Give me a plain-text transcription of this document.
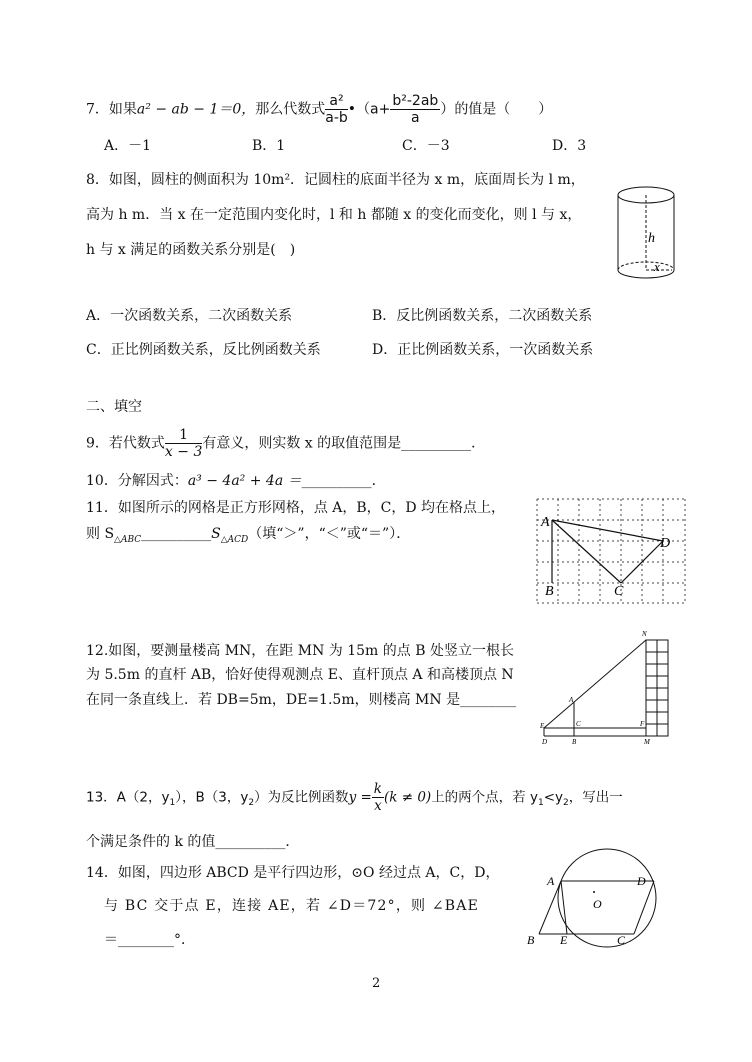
7．如果a² − ab − 1＝0，那么代数式 $\frac{\text{a²}}{a-b}$ •（a+ $\frac{\text{b²-2ab}}{a}$ ）的值是（　　）
A．－1	B．1	C．－3	D．3
8．如图，圆柱的侧面积为 10m²．记圆柱的底面半径为 x m，底面周长为 l m，
高为 h m．当 x 在一定范围内变化时，l 和 h 都随 x 的变化而变化，则 l 与 x，
h 与 x 满足的函数关系分别是(　)
h
x
A．一次函数关系，二次函数关系	B．反比例函数关系，二次函数关系
C．正比例函数关系，反比例函数关系	D．正比例函数关系，一次函数关系
二、填空
9．若代数式 $\frac{1}{x - 3}$ 有意义，则实数 x 的取值范围是__________．
10．分解因式：a³ − 4a² + 4a ＝__________．
11．如图所示的网格是正方形网格，点 A，B，C，D 均在格点上，
则 $S_{\triangle ABC}\_\_\_\_\_\_\_\_\_\_S_{\triangle ACD}$（填“＞”，“＜”或“＝”）．
A
B	C
D
12.如图，要测量楼高 MN，在距 MN 为 15m 的点 B 处竖立一根长
为 5.5m 的直杆 AB，恰好使得观测点 E、直杆顶点 A 和高楼顶点 N
在同一条直线上．若 DB=5m，DE=1.5m，则楼高 MN 是________
N
A
E	C	F
D	B	M
13．A（2，$y_1$），B（3，$y_2$）为反比例函数$y = \frac{k}{x} (k \ne 0)$上的两个点，若 $y_1<y_2$，写出一
个满足条件的 k 的值__________．
14．如图，四边形 ABCD 是平行四边形，⊙O 经过点 A，C，D，
与 BC 交于点 E，连接 AE，若 ∠D＝72°，则 ∠BAE
＝________°．
A	D
O
B E	C
2
